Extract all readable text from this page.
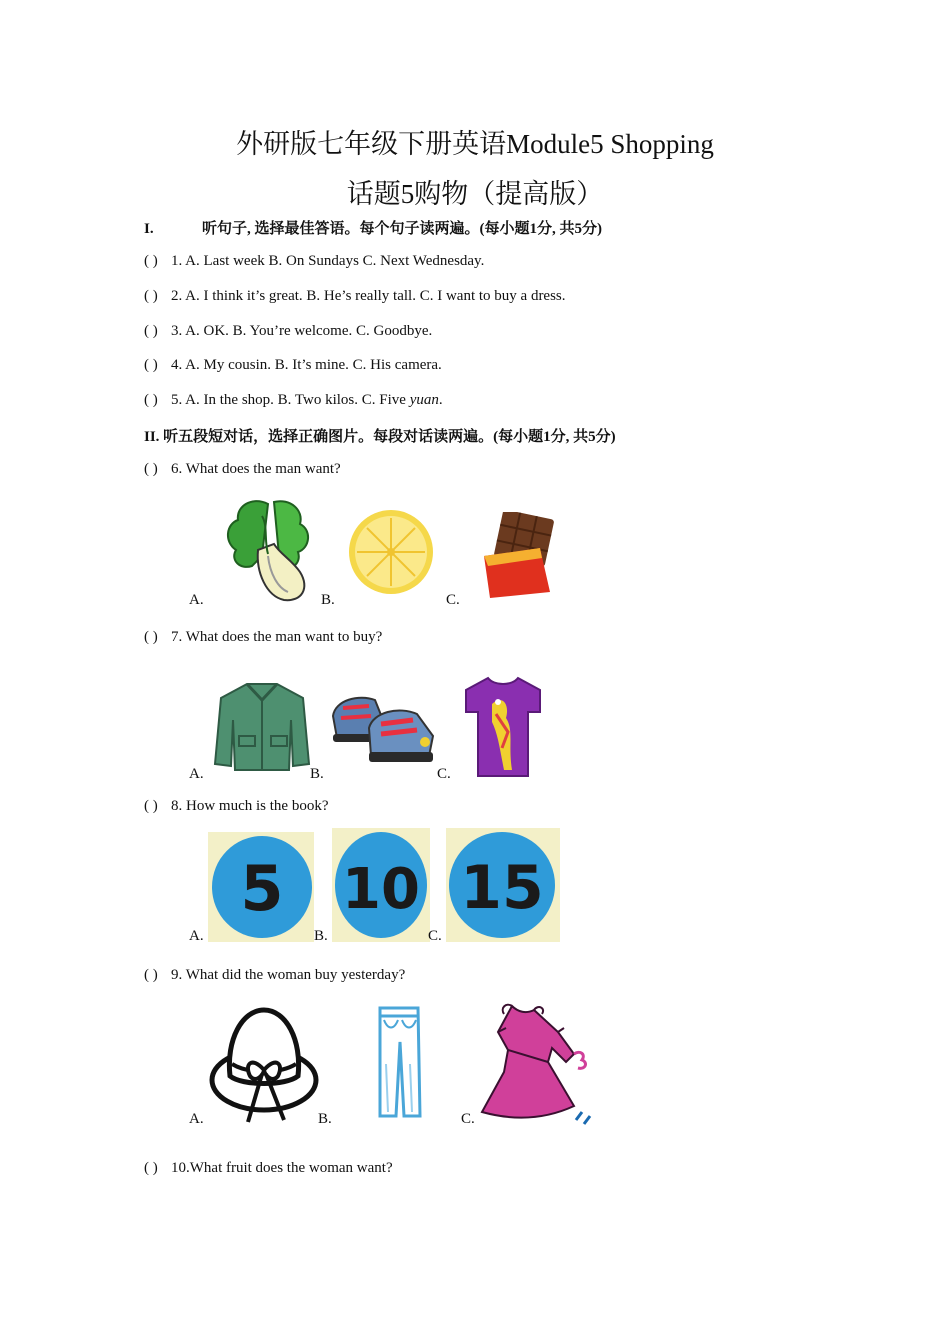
外研版七年级下册英语Module5 Shopping
话题5购物（提高版）
I.	听句子, 选择最佳答语。每个句子读两遍。(每小题1分, 共5分)
( ) 1. A. Last week B. On Sundays C. Next Wednesday.
( ) 2. A. I think it’s great. B. He’s really tall. C. I want to buy a dress.
( ) 3. A. OK. B. You’re welcome. C. Goodbye.
( ) 4. A. My cousin. B. It’s mine. C. His camera.
( ) 5. A. In the shop. B. Two kilos. C. Five yuan.
II. 听五段短对话，选择正确图片。每段对话读两遍。(每小题1分, 共5分)
( ) 6. What does the man want?
A.	B.	C.
( ) 7. What does the man want to buy?
A.	B.	C.
( ) 8. How much is the book?
5 10 15
A.	B.	C.
( ) 9. What did the woman buy yesterday?
A.	B.	C.
( ) 10.What fruit does the woman want?
